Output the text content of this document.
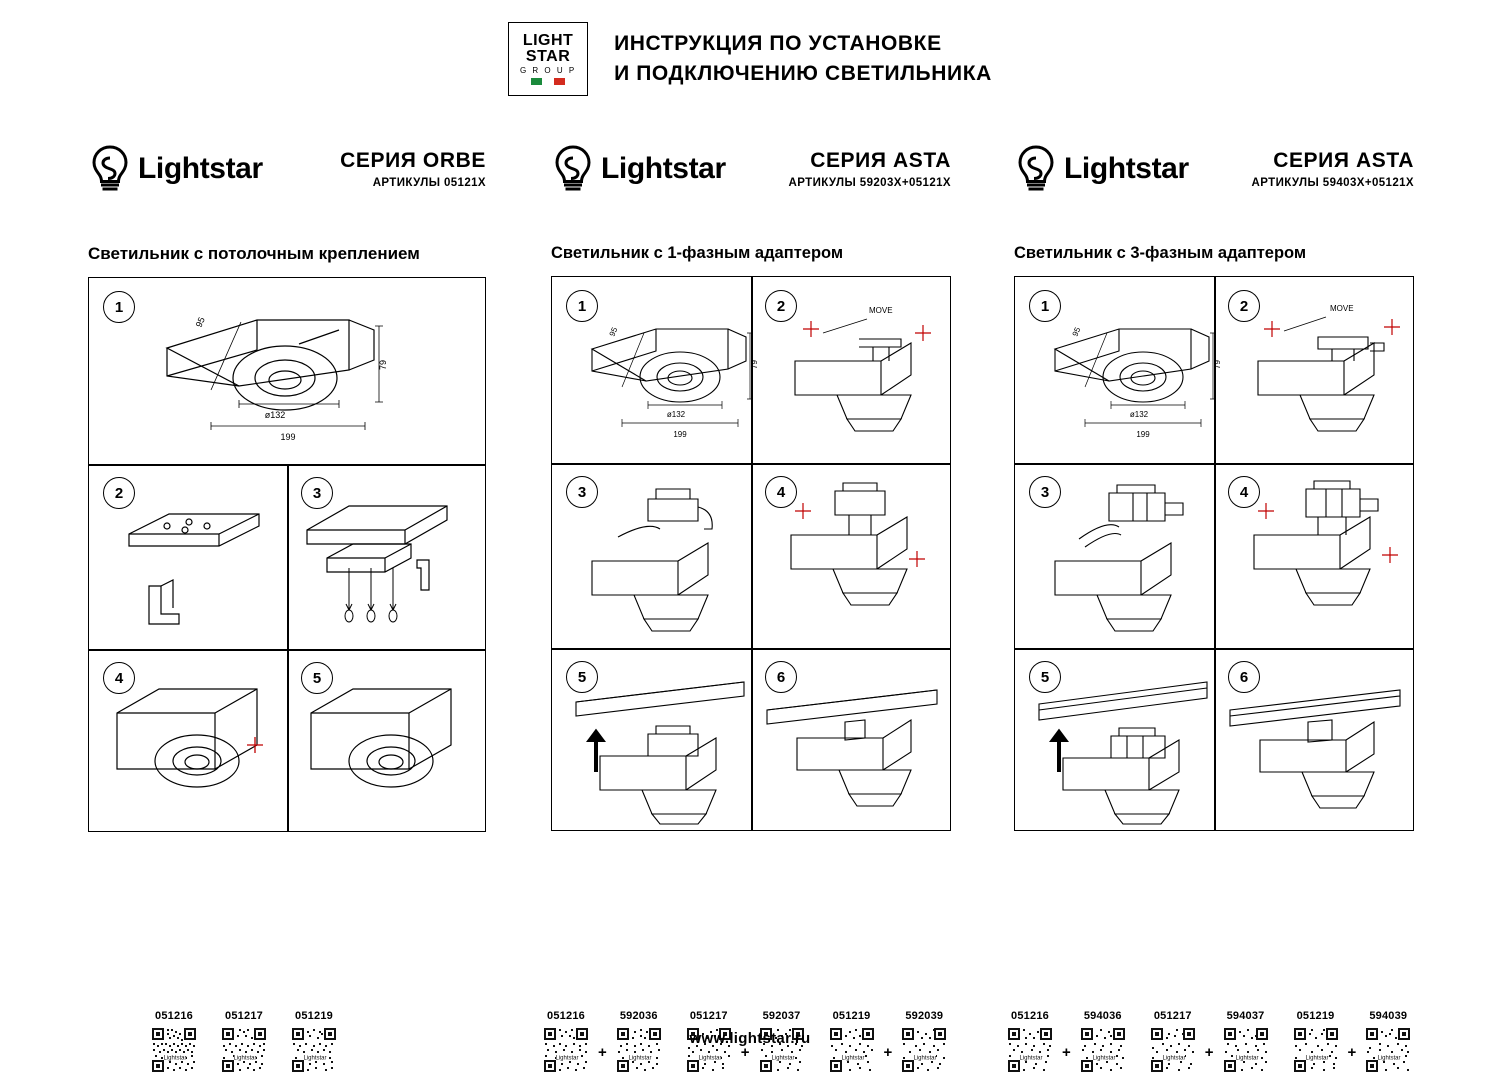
LIGHT
STAR
G R O U P
ИНСТРУКЦИЯ ПО УСТАНОВКЕ
И ПОДКЛЮЧЕНИЮ СВЕТИЛЬНИКА
Lightstar	СЕРИЯ ORBE
АРТИКУЛЫ 05121Х
Светильник с потолочным креплением
1
95
79
ø132
199
2	3
4	5
Lightstar	СЕРИЯ ASTA
АРТИКУЛЫ 59203Х+05121Х
Светильник с 1-фазным адаптером
1
95
79
ø132
199
2	MOVE
3	4
5	6
Lightstar	СЕРИЯ ASTA
АРТИКУЛЫ 59403Х+05121Х
Светильник с 3-фазным адаптером
1
95
79
ø132
199
2	MOVE
3	4
5	6
051216
Lightstar
051217
Lightstar
051219
Lightstar
051216
Lightstar +
592036
Lightstar
051217
Lightstar +
592037
Lightstar
051219
Lightstar +
592039
Lightstar
051216
Lightstar +
594036
Lightstar
051217
Lightstar +
594037
Lightstar
051219
Lightstar +
594039
Lightstar
www.lightstar.ru
